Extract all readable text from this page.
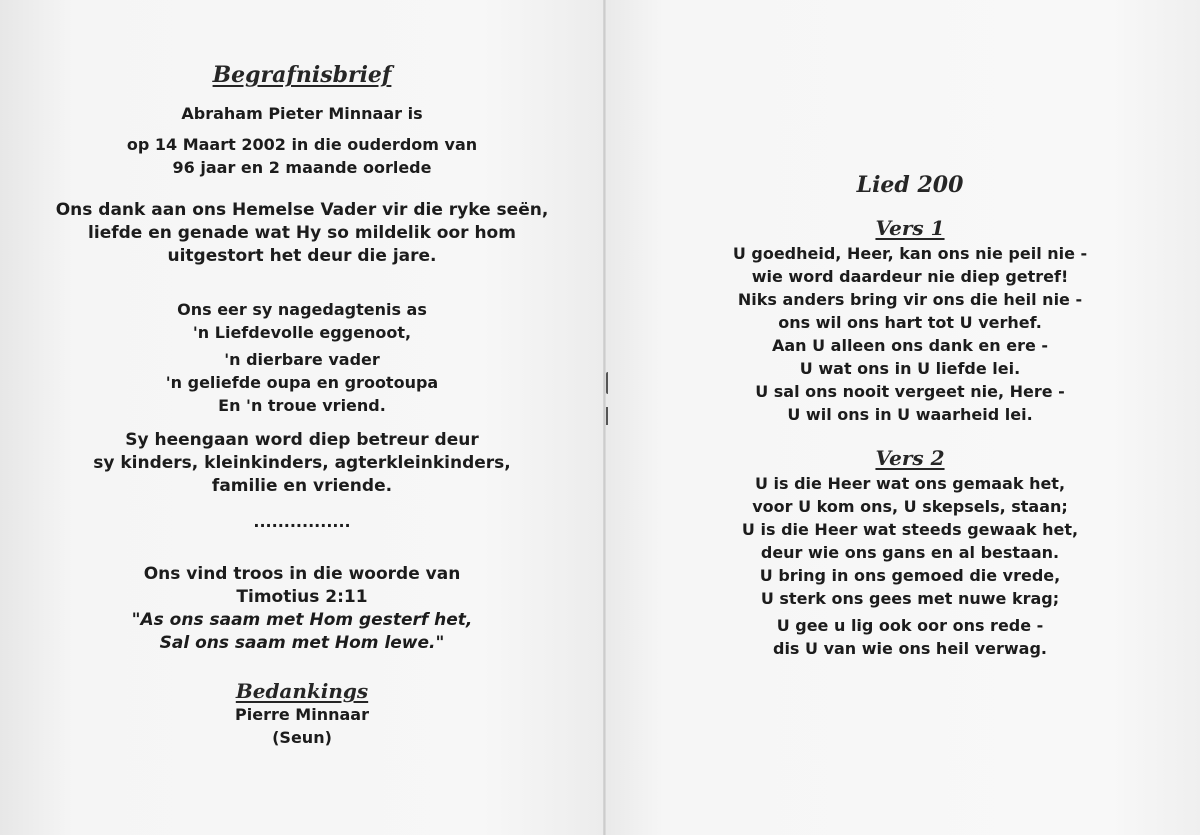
Begrafnisbrief
Abraham Pieter Minnaar is
op 14 Maart 2002 in die ouderdom van
96 jaar en 2 maande oorlede
Ons dank aan ons Hemelse Vader vir die ryke seën,
liefde en genade wat Hy so mildelik oor hom
uitgestort het deur die jare.
Ons eer sy nagedagtenis as
'n Liefdevolle eggenoot,
'n dierbare vader
'n geliefde oupa en grootoupa
En 'n troue vriend.
Sy heengaan word diep betreur deur
sy kinders, kleinkinders, agterkleinkinders,
familie en vriende.
................
Ons vind troos in die woorde van
Timotius 2:11
"As ons saam met Hom gesterf het,
Sal ons saam met Hom lewe."
Bedankings
Pierre Minnaar
(Seun)
Lied 200
Vers 1
U goedheid, Heer, kan ons nie peil nie -
wie word daardeur nie diep getref!
Niks anders bring vir ons die heil nie -
ons wil ons hart tot U verhef.
Aan U alleen ons dank en ere -
U wat ons in U liefde lei.
U sal ons nooit vergeet nie, Here -
U wil ons in U waarheid lei.
Vers 2
U is die Heer wat ons gemaak het,
voor U kom ons, U skepsels, staan;
U is die Heer wat steeds gewaak het,
deur wie ons gans en al bestaan.
U bring in ons gemoed die vrede,
U sterk ons gees met nuwe krag;
U gee u lig ook oor ons rede -
dis U van wie ons heil verwag.
